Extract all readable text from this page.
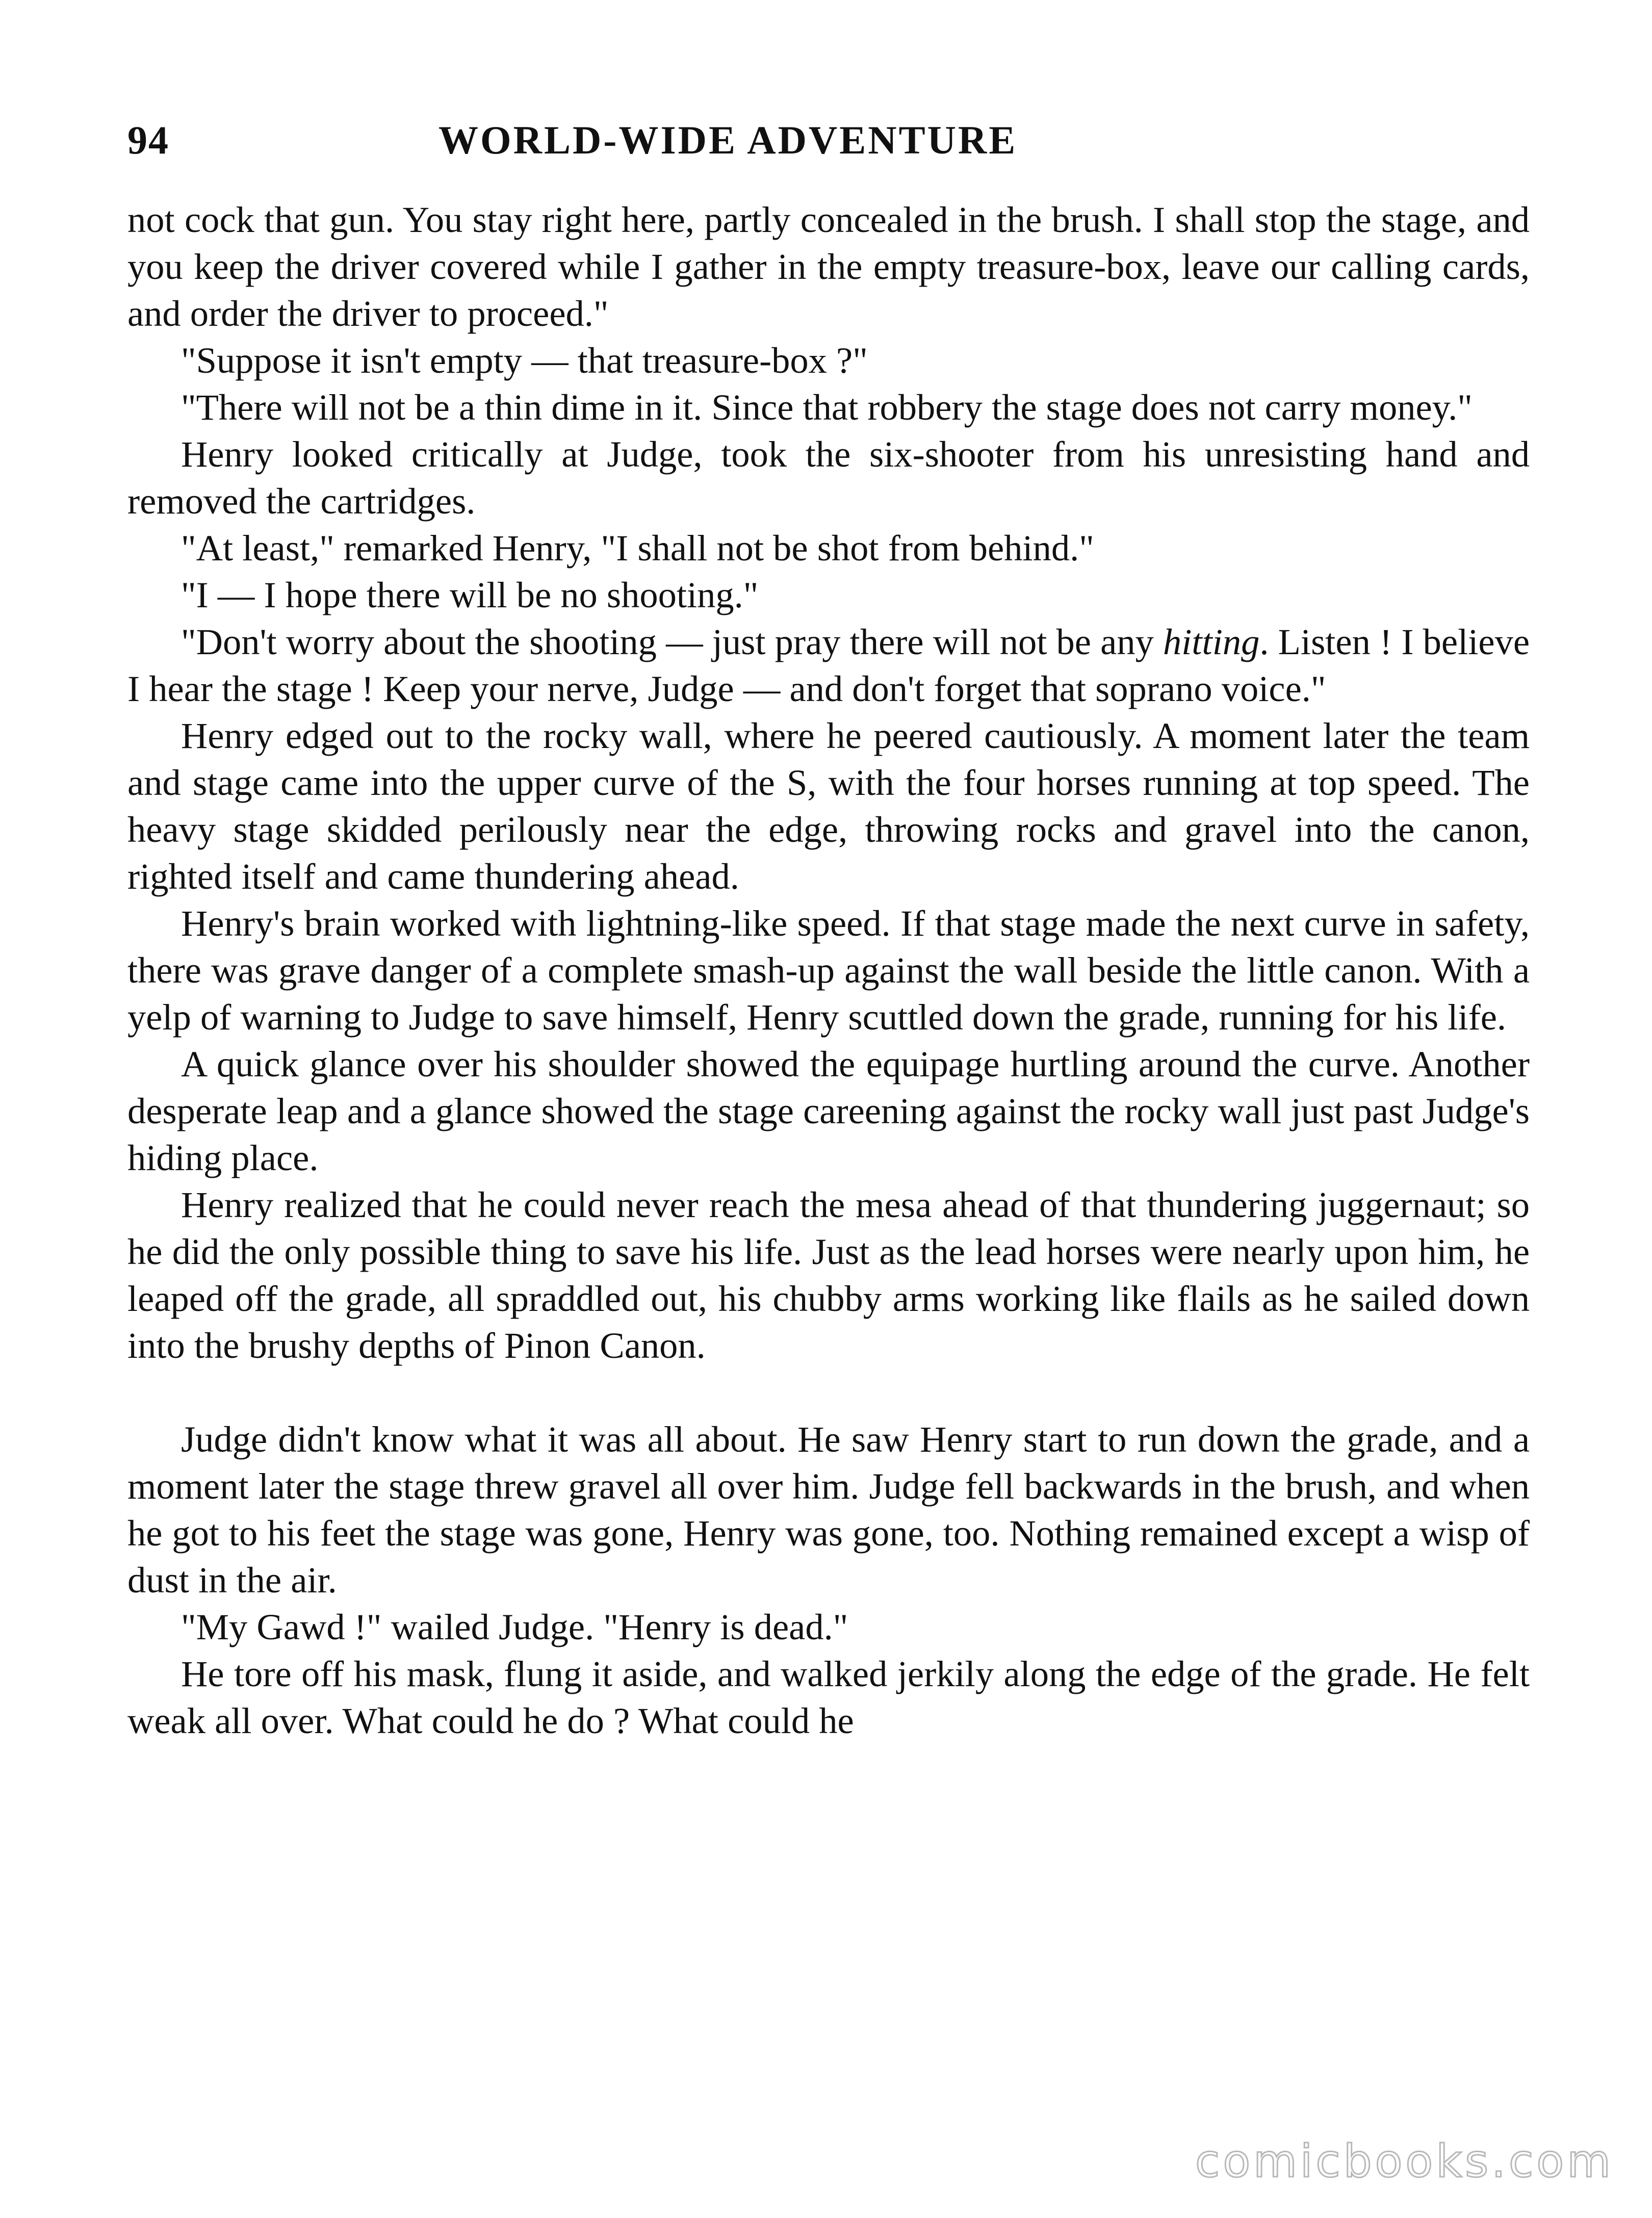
94	WORLD-WIDE ADVENTURE

not cock that gun. You stay right here, partly concealed in the brush. I shall stop the stage, and you keep the driver covered while I gather in the empty treasure-box, leave our calling cards, and order the driver to proceed."

"Suppose it isn't empty — that treasure-box ?"

"There will not be a thin dime in it. Since that robbery the stage does not carry money."

Henry looked critically at Judge, took the six-shooter from his unresisting hand and removed the cartridges.

"At least," remarked Henry, "I shall not be shot from behind."

"I — I hope there will be no shooting."

"Don't worry about the shooting — just pray there will not be any hitting. Listen ! I believe I hear the stage ! Keep your nerve, Judge — and don't forget that soprano voice."

Henry edged out to the rocky wall, where he peered cautiously. A moment later the team and stage came into the upper curve of the S, with the four horses running at top speed. The heavy stage skidded perilously near the edge, throwing rocks and gravel into the canon, righted itself and came thundering ahead.

Henry's brain worked with lightning-like speed. If that stage made the next curve in safety, there was grave danger of a complete smash-up against the wall beside the little canon. With a yelp of warning to Judge to save himself, Henry scuttled down the grade, running for his life.

A quick glance over his shoulder showed the equipage hurtling around the curve. Another desperate leap and a glance showed the stage careening against the rocky wall just past Judge's hiding place.

Henry realized that he could never reach the mesa ahead of that thundering juggernaut; so he did the only possible thing to save his life. Just as the lead horses were nearly upon him, he leaped off the grade, all spraddled out, his chubby arms working like flails as he sailed down into the brushy depths of Pinon Canon.

Judge didn't know what it was all about. He saw Henry start to run down the grade, and a moment later the stage threw gravel all over him. Judge fell backwards in the brush, and when he got to his feet the stage was gone, Henry was gone, too. Nothing remained except a wisp of dust in the air.

"My Gawd !" wailed Judge. "Henry is dead."

He tore off his mask, flung it aside, and walked jerkily along the edge of the grade. He felt weak all over. What could he do ? What could he

comicbooks.com
